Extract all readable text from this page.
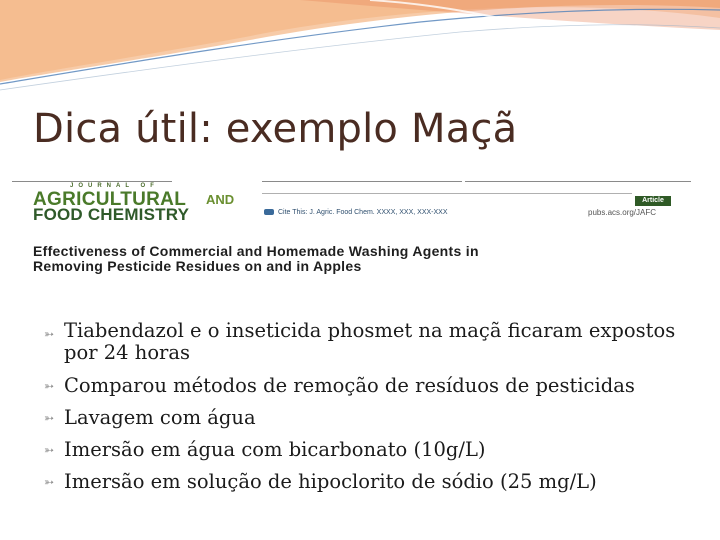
Dica útil: exemplo Maçã
JOURNAL OF
AGRICULTURAL AND
FOOD CHEMISTRY
Article
Cite This: J. Agric. Food Chem. XXXX, XXX, XXX-XXX	pubs.acs.org/JAFC
Effectiveness of Commercial and Homemade Washing Agents in
Removing Pesticide Residues on and in Apples
➳ Tiabendazol e o inseticida phosmet na maçã ficaram expostos por 24 horas
➳ Comparou métodos de remoção de resíduos de pesticidas
➳ Lavagem com água
➳ Imersão em água com bicarbonato (10g/L)
➳ Imersão em solução de hipoclorito de sódio (25 mg/L)
